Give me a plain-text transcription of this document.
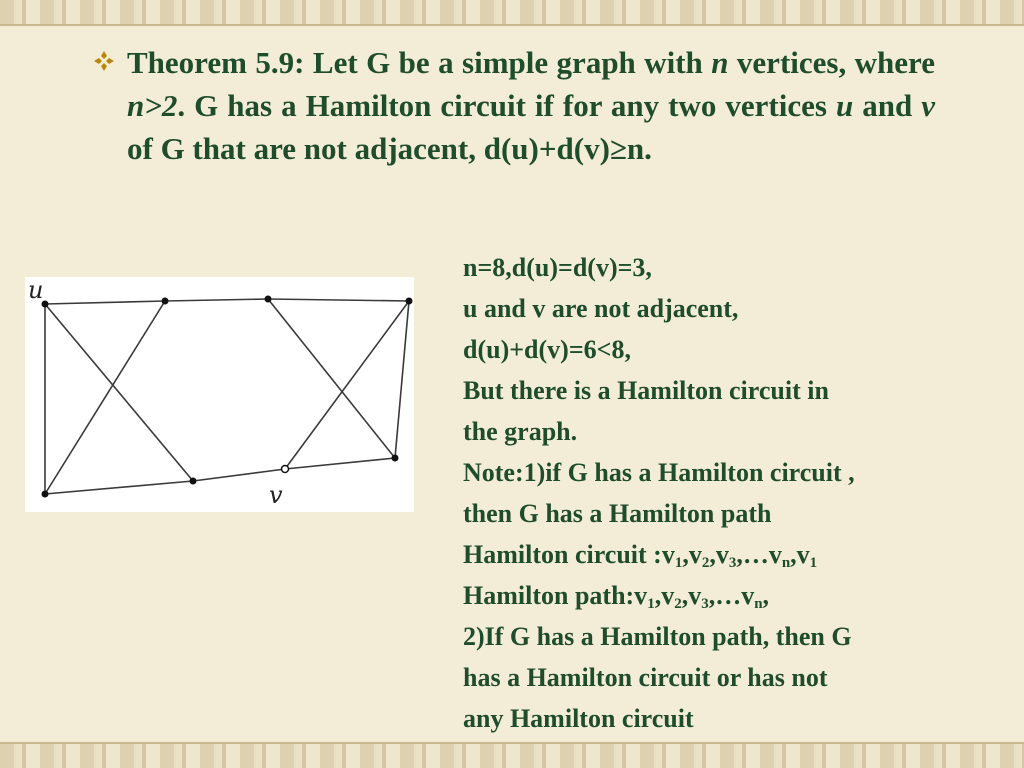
Theorem 5.9: Let G be a simple graph with n vertices, where n>2. G has a Hamilton circuit if for any two vertices u and v of G that are not adjacent, d(u)+d(v)≥n.

u
v
n=8,d(u)=d(v)=3,
u and v are not adjacent,
d(u)+d(v)=6<8,
But there is a Hamilton circuit in
the graph.
Note:1)if G has a Hamilton circuit ,
then G has a Hamilton path
Hamilton circuit $:v_1,v_2,v_3,\dots v_n,v_1$
Hamilton $path:v_1,v_2,v_3,\dots v_n$,
2)If G has a Hamilton path, then G
has a Hamilton circuit or has not
any Hamilton circuit
